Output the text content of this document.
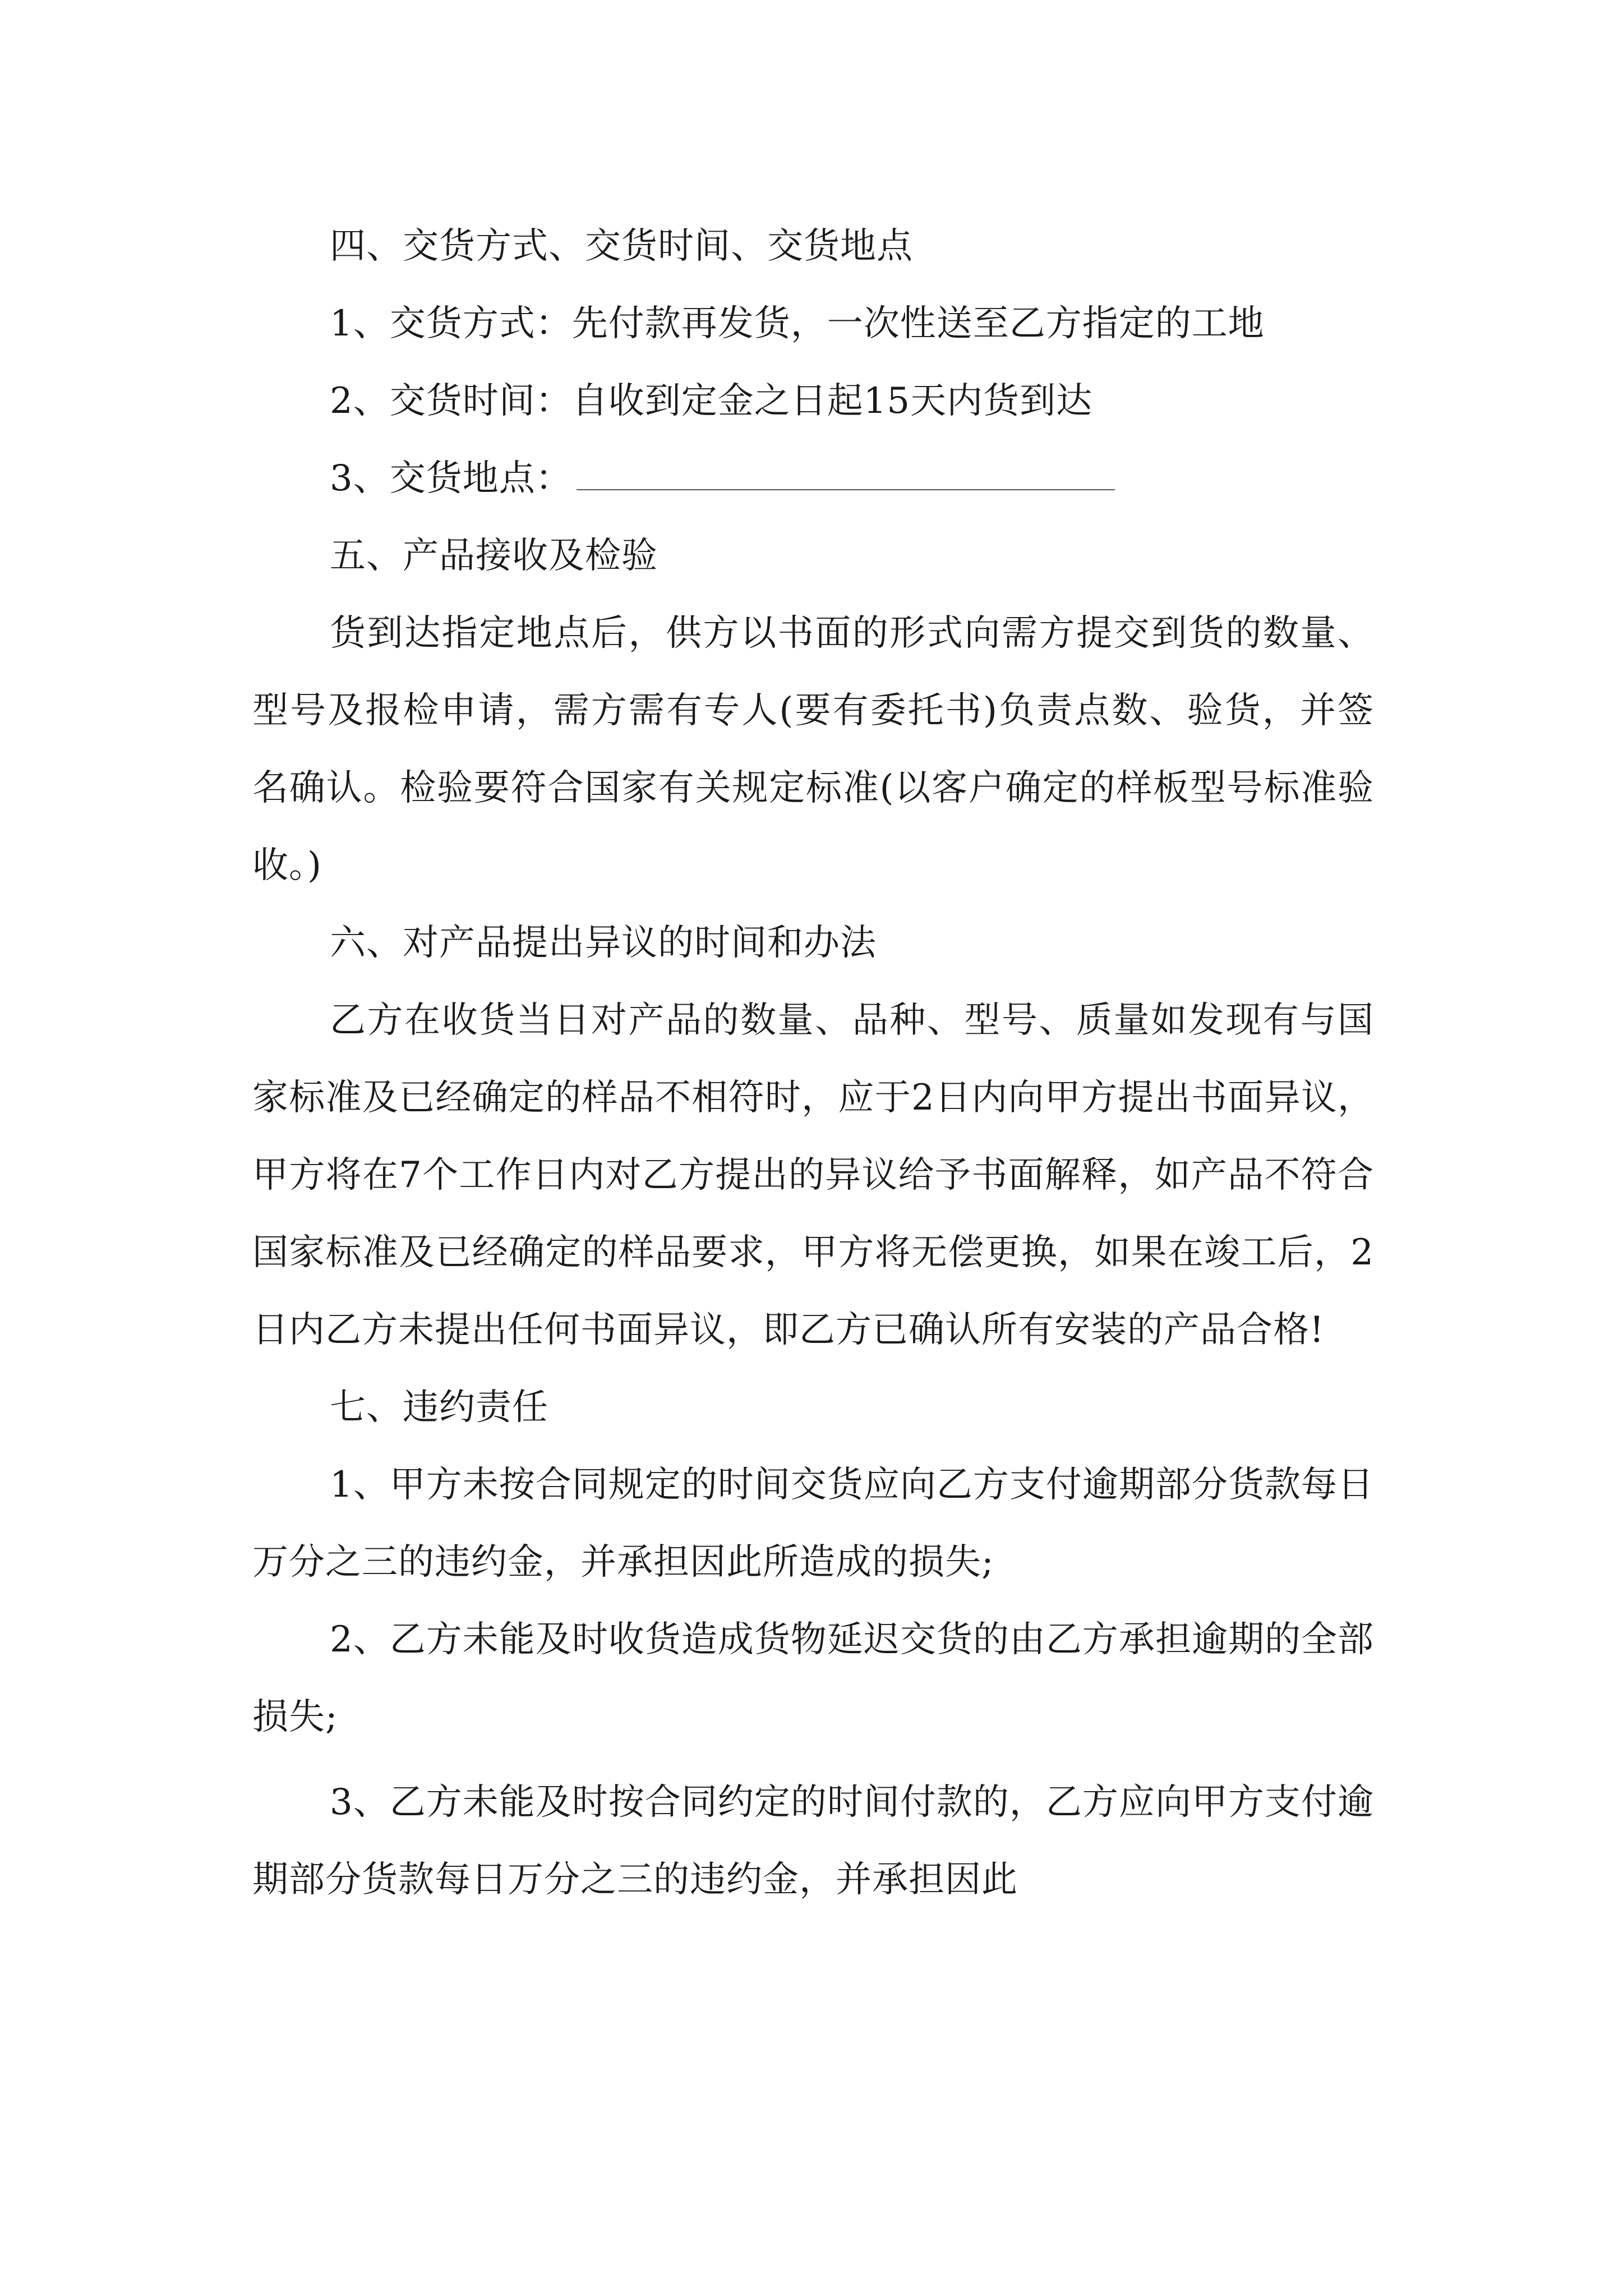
四、交货方式、交货时间、交货地点

1、交货方式：先付款再发货，一次性送至乙方指定的工地

2、交货时间：自收到定金之日起15天内货到达

3、交货地点：

五、产品接收及检验

货到达指定地点后，供方以书面的形式向需方提交到货的数量、型号及报检申请，需方需有专人(要有委托书)负责点数、验货，并签名确认。检验要符合国家有关规定标准(以客户确定的样板型号标准验收。)

六、对产品提出异议的时间和办法

乙方在收货当日对产品的数量、品种、型号、质量如发现有与国家标准及已经确定的样品不相符时，应于2日内向甲方提出书面异议，甲方将在7个工作日内对乙方提出的异议给予书面解释，如产品不符合国家标准及已经确定的样品要求，甲方将无偿更换，如果在竣工后，2日内乙方未提出任何书面异议，即乙方已确认所有安装的产品合格!

七、违约责任

1、甲方未按合同规定的时间交货应向乙方支付逾期部分货款每日万分之三的违约金，并承担因此所造成的损失;

2、乙方未能及时收货造成货物延迟交货的由乙方承担逾期的全部损失;

3、乙方未能及时按合同约定的时间付款的，乙方应向甲方支付逾期部分货款每日万分之三的违约金，并承担因此
